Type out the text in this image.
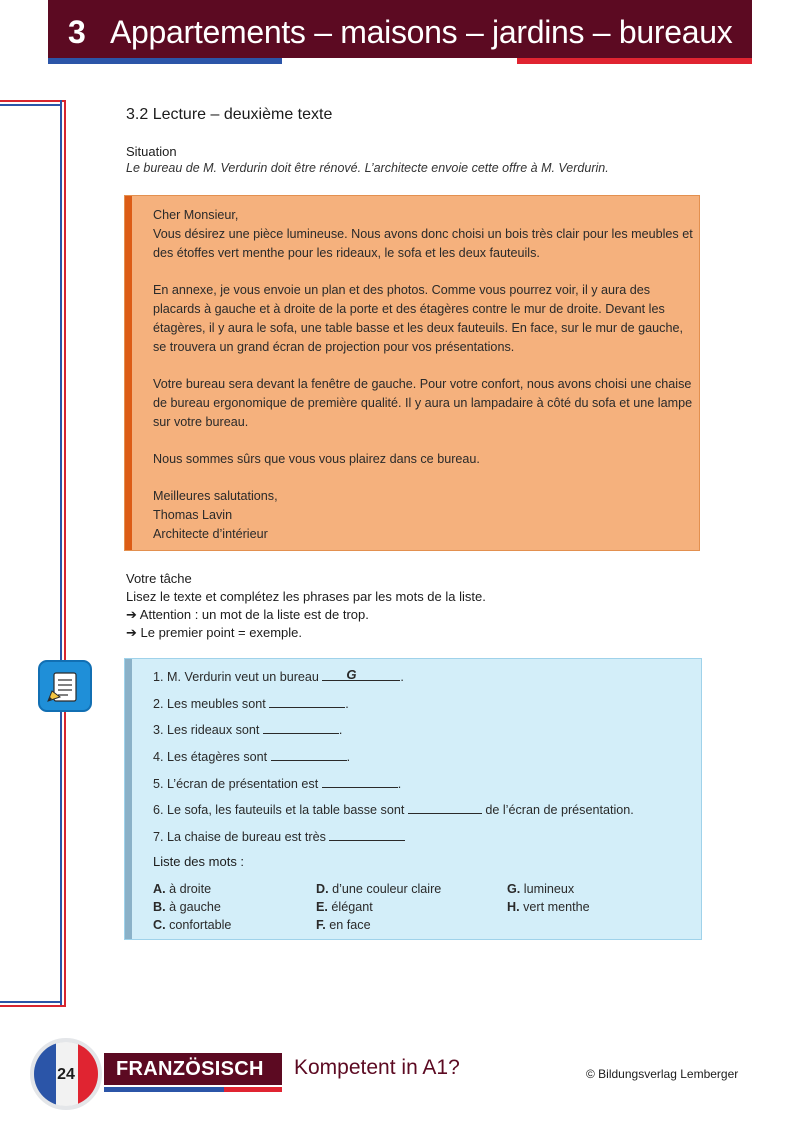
3 Appartements – maisons – jardins – bureaux
3.2 Lecture – deuxième texte
Situation
Le bureau de M. Verdurin doit être rénové. L’architecte envoie cette offre à M. Verdurin.

Cher Monsieur,

Vous désirez une pièce lumineuse. Nous avons donc choisi un bois très clair pour les meubles et des étoffes vert menthe pour les rideaux, le sofa et les deux fauteuils.

En annexe, je vous envoie un plan et des photos. Comme vous pourrez voir, il y aura des placards à gauche et à droite de la porte et des étagères contre le mur de droite. Devant les étagères, il y aura le sofa, une table basse et les deux fauteuils. En face, sur le mur de gauche, se trouvera un grand écran de projection pour vos présentations.

Votre bureau sera devant la fenêtre de gauche. Pour votre confort, nous avons choisi une chaise de bureau ergonomique de première qualité. Il y aura un lampadaire à côté du sofa et une lampe sur votre bureau.

Nous sommes sûrs que vous vous plairez dans ce bureau.

Meilleures salutations,

Thomas Lavin

Architecte d’intérieur

Votre tâche
Lisez le texte et complétez les phrases par les mots de la liste.
➔ Attention : un mot de la liste est de trop.
➔ Le premier point = exemple.
1. M. Verdurin veut un bureau G	.
2. Les meubles sont	.
3. Les rideaux sont	.
4. Les étagères sont	.
5. L’écran de présentation est	.
6. Le sofa, les fauteuils et la table basse sont	de l’écran de présentation.
7. La chaise de bureau est très
Liste des mots :
A. à droite
B. à gauche
C. confortable
D. d’une couleur claire
E. élégant
F. en face
G. lumineux
H. vert menthe
24	FRANZÖSISCH Kompetent in A1?	© Bildungsverlag Lemberger
